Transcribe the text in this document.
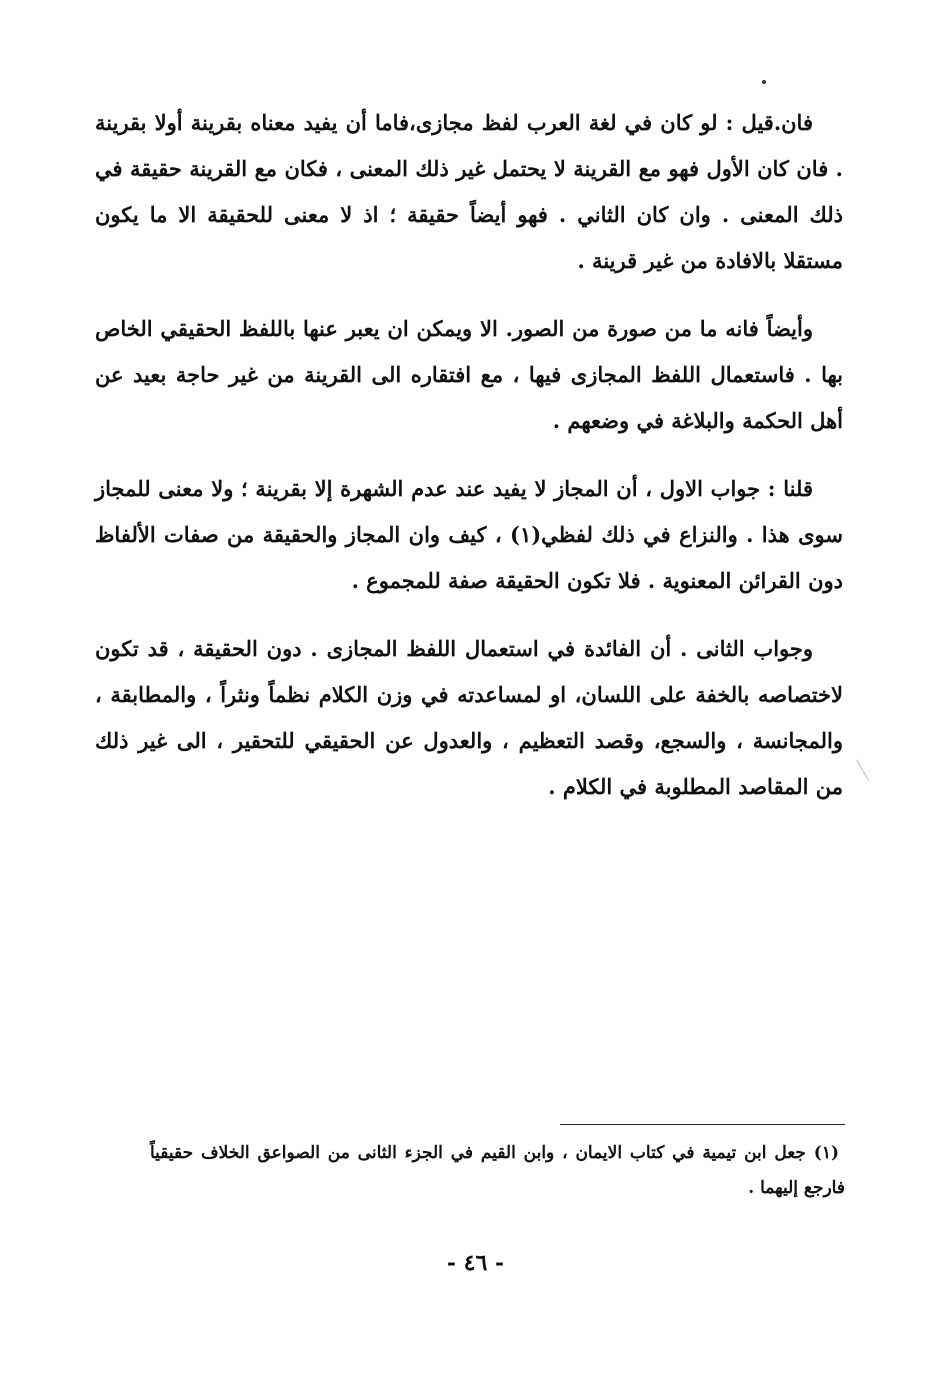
فان.قيل : لو كان في لغة العرب لفظ مجازى،فاما أن يفيد معناه بقرينة أولا بقرينة . فان كان الأول فهو مع القرينة لا يحتمل غير ذلك المعنى ، فكان مع القرينة حقيقة في ذلك المعنى . وان كان الثاني . فهو أيضاً حقيقة ؛ اذ لا معنى للحقيقة الا ما يكون مستقلا بالافادة من غير قرينة .

وأيضاً فانه ما من صورة من الصور. الا ويمكن ان يعبر عنها باللفظ الحقيقي الخاص بها . فاستعمال اللفظ المجازى فيها ، مع افتقاره الى القرينة من غير حاجة بعيد عن أهل الحكمة والبلاغة في وضعهم .

قلنا : جواب الاول ، أن المجاز لا يفيد عند عدم الشهرة إلا بقرينة ؛ ولا معنى للمجاز سوى هذا . والنزاع في ذلك لفظي(١) ، كيف وان المجاز والحقيقة من صفات الألفاظ دون القرائن المعنوية . فلا تكون الحقيقة صفة للمجموع .

وجواب الثانى . أن الفائدة في استعمال اللفظ المجازى . دون الحقيقة ، قد تكون لاختصاصه بالخفة على اللسان، او لمساعدته في وزن الكلام نظماً ونثراً ، والمطابقة ، والمجانسة ، والسجع، وقصد التعظيم ، والعدول عن الحقيقي للتحقير ، الى غير ذلك من المقاصد المطلوبة في الكلام .

(١) جعل ابن تيمية في كتاب الايمان ، وابن القيم في الجزء الثانى من الصواعق الخلاف حقيقياً فارجع إليهما .

- ٤٦ -
